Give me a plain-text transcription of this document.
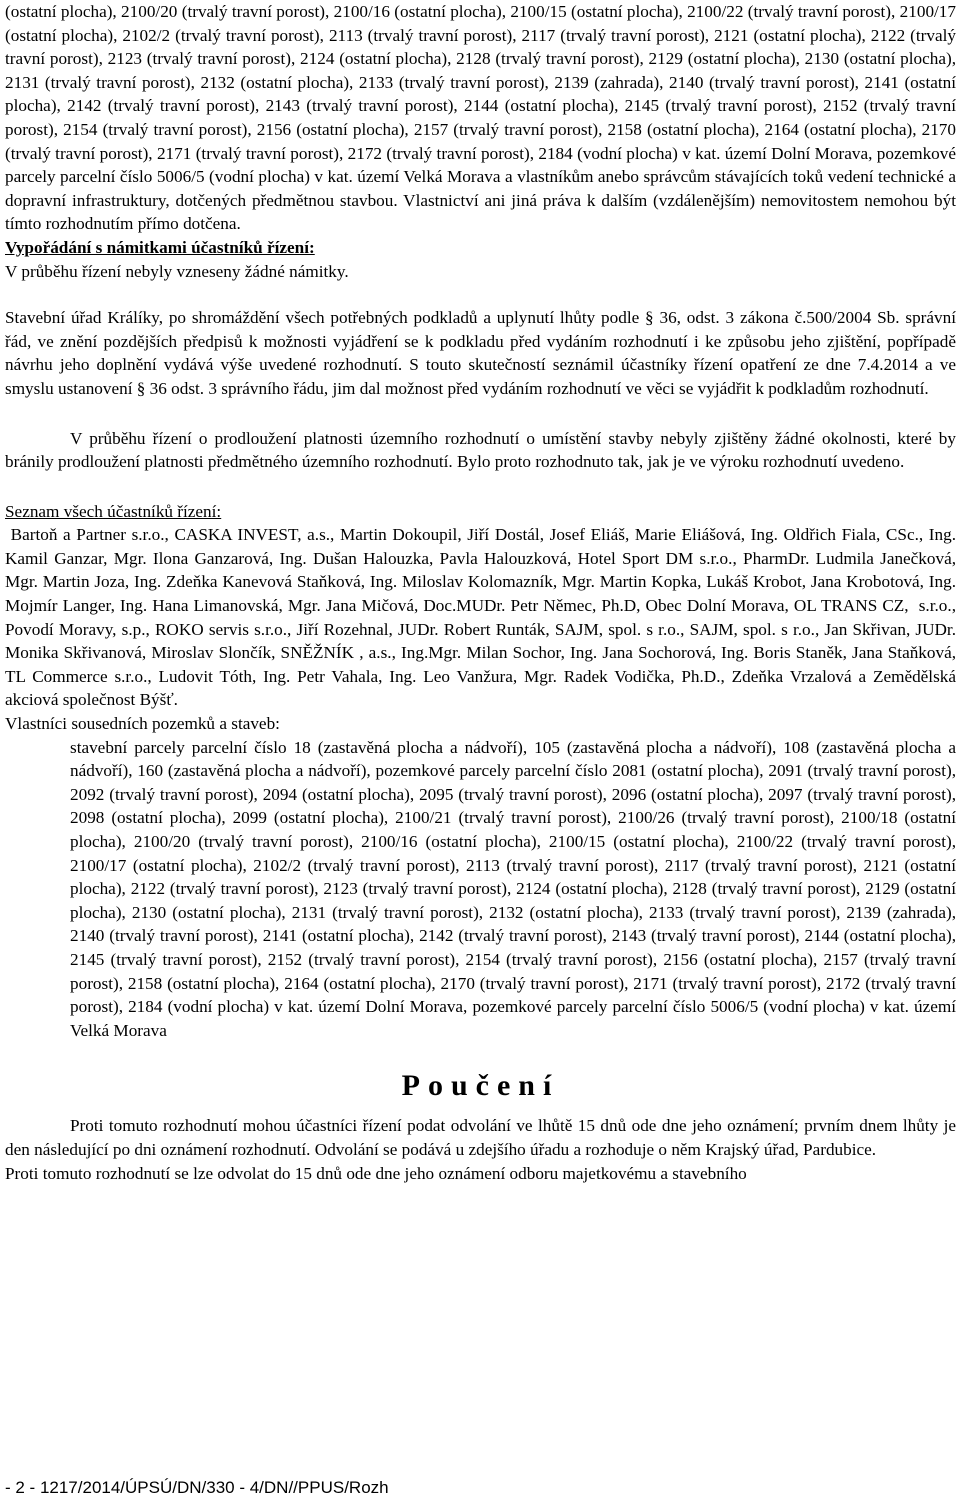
(ostatní plocha), 2100/20 (trvalý travní porost), 2100/16 (ostatní plocha), 2100/15 (ostatní plocha), 2100/22 (trvalý travní porost), 2100/17 (ostatní plocha), 2102/2 (trvalý travní porost), 2113 (trvalý travní porost), 2117 (trvalý travní porost), 2121 (ostatní plocha), 2122 (trvalý travní porost), 2123 (trvalý travní porost), 2124 (ostatní plocha), 2128 (trvalý travní porost), 2129 (ostatní plocha), 2130 (ostatní plocha), 2131 (trvalý travní porost), 2132 (ostatní plocha), 2133 (trvalý travní porost), 2139 (zahrada), 2140 (trvalý travní porost), 2141 (ostatní plocha), 2142 (trvalý travní porost), 2143 (trvalý travní porost), 2144 (ostatní plocha), 2145 (trvalý travní porost), 2152 (trvalý travní porost), 2154 (trvalý travní porost), 2156 (ostatní plocha), 2157 (trvalý travní porost), 2158 (ostatní plocha), 2164 (ostatní plocha), 2170 (trvalý travní porost), 2171 (trvalý travní porost), 2172 (trvalý travní porost), 2184 (vodní plocha) v kat. území Dolní Morava, pozemkové parcely parcelní číslo 5006/5 (vodní plocha) v kat. území Velká Morava a vlastníkům anebo správcům stávajících toků vedení technické a dopravní infrastruktury, dotčených předmětnou stavbou. Vlastnictví ani jiná práva k dalším (vzdálenějším) nemovitostem nemohou být tímto rozhodnutím přímo dotčena.

Vypořádání s námitkami účastníků řízení:

V průběhu řízení nebyly vzneseny žádné námitky.

Stavební úřad Králíky, po shromáždění všech potřebných podkladů a uplynutí lhůty podle § 36, odst. 3 zákona č.500/2004 Sb. správní řád, ve znění pozdějších předpisů k možnosti vyjádření se k podkladu před vydáním rozhodnutí i ke způsobu jeho zjištění, popřípadě návrhu jeho doplnění vydává výše uvedené rozhodnutí. S touto skutečností seznámil účastníky řízení opatření ze dne 7.4.2014 a ve smyslu ustanovení § 36 odst. 3 správního řádu, jim dal možnost před vydáním rozhodnutí ve věci se vyjádřit k podkladům rozhodnutí.

V průběhu řízení o prodloužení platnosti územního rozhodnutí o umístění stavby nebyly zjištěny žádné okolnosti, které by bránily prodloužení platnosti předmětného územního rozhodnutí. Bylo proto rozhodnuto tak, jak je ve výroku rozhodnutí uvedeno.

Seznam všech účastníků řízení:

Bartoň a Partner s.r.o., CASKA INVEST, a.s., Martin Dokoupil, Jiří Dostál, Josef Eliáš, Marie Eliášová, Ing. Oldřich Fiala, CSc., Ing. Kamil Ganzar, Mgr. Ilona Ganzarová, Ing. Dušan Halouzka, Pavla Halouzková, Hotel Sport DM s.r.o., PharmDr. Ludmila Janečková, Mgr. Martin Joza, Ing. Zdeňka Kanevová Staňková, Ing. Miloslav Kolomazník, Mgr. Martin Kopka, Lukáš Krobot, Jana Krobotová, Ing. Mojmír Langer, Ing. Hana Limanovská, Mgr. Jana Mičová, Doc.MUDr. Petr Němec, Ph.D, Obec Dolní Morava, OL TRANS CZ,  s.r.o., Povodí Moravy, s.p., ROKO servis s.r.o., Jiří Rozehnal, JUDr. Robert Runták, SAJM, spol. s r.o., SAJM, spol. s r.o., Jan Skřivan, JUDr. Monika Skřivanová, Miroslav Slončík, SNĚŽNÍK , a.s., Ing.Mgr. Milan Sochor, Ing. Jana Sochorová, Ing. Boris Staněk, Jana Staňková, TL Commerce s.r.o., Ludovit Tóth, Ing. Petr Vahala, Ing. Leo Vanžura, Mgr. Radek Vodička, Ph.D., Zdeňka Vrzalová a Zemědělská akciová společnost Býšť.

Vlastníci sousedních pozemků a staveb:

stavební parcely parcelní číslo 18 (zastavěná plocha a nádvoří), 105 (zastavěná plocha a nádvoří), 108 (zastavěná plocha a nádvoří), 160 (zastavěná plocha a nádvoří), pozemkové parcely parcelní číslo 2081 (ostatní plocha), 2091 (trvalý travní porost), 2092 (trvalý travní porost), 2094 (ostatní plocha), 2095 (trvalý travní porost), 2096 (ostatní plocha), 2097 (trvalý travní porost), 2098 (ostatní plocha), 2099 (ostatní plocha), 2100/21 (trvalý travní porost), 2100/26 (trvalý travní porost), 2100/18 (ostatní plocha), 2100/20 (trvalý travní porost), 2100/16 (ostatní plocha), 2100/15 (ostatní plocha), 2100/22 (trvalý travní porost), 2100/17 (ostatní plocha), 2102/2 (trvalý travní porost), 2113 (trvalý travní porost), 2117 (trvalý travní porost), 2121 (ostatní plocha), 2122 (trvalý travní porost), 2123 (trvalý travní porost), 2124 (ostatní plocha), 2128 (trvalý travní porost), 2129 (ostatní plocha), 2130 (ostatní plocha), 2131 (trvalý travní porost), 2132 (ostatní plocha), 2133 (trvalý travní porost), 2139 (zahrada), 2140 (trvalý travní porost), 2141 (ostatní plocha), 2142 (trvalý travní porost), 2143 (trvalý travní porost), 2144 (ostatní plocha), 2145 (trvalý travní porost), 2152 (trvalý travní porost), 2154 (trvalý travní porost), 2156 (ostatní plocha), 2157 (trvalý travní porost), 2158 (ostatní plocha), 2164 (ostatní plocha), 2170 (trvalý travní porost), 2171 (trvalý travní porost), 2172 (trvalý travní porost), 2184 (vodní plocha) v kat. území Dolní Morava, pozemkové parcely parcelní číslo 5006/5 (vodní plocha) v kat. území Velká Morava

Poučení

Proti tomuto rozhodnutí mohou účastníci řízení podat odvolání ve lhůtě 15 dnů ode dne jeho oznámení; prvním dnem lhůty je den následující po dni oznámení rozhodnutí. Odvolání se podává u zdejšího úřadu a rozhoduje o něm Krajský úřad, Pardubice.

Proti tomuto rozhodnutí se lze odvolat do 15 dnů ode dne jeho oznámení odboru majetkovému a stavebního

- 2 - 1217/2014/ÚPSÚ/DN/330 - 4/DN//PPUS/Rozh
